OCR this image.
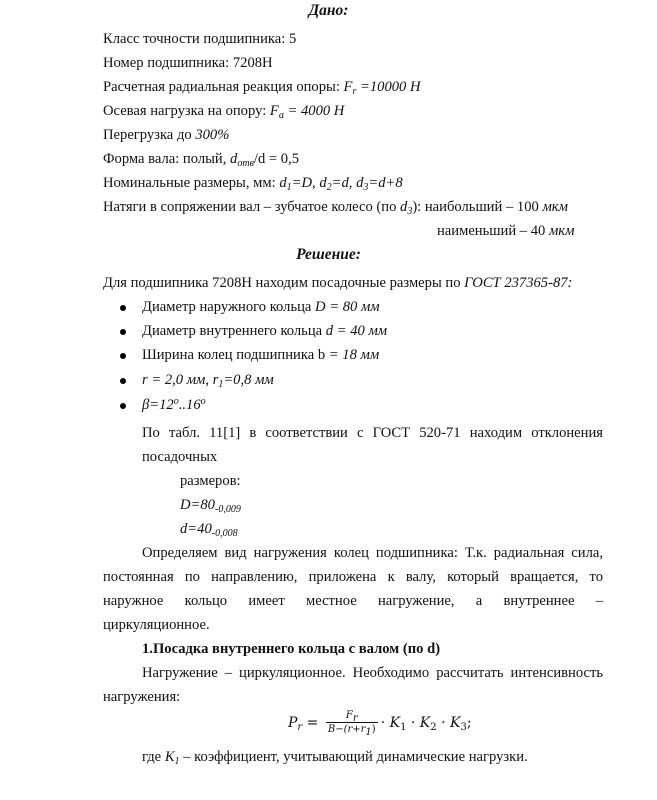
Дано:
Класс точности подшипника: 5
Номер подшипника: 7208Н
Расчетная радиальная реакция опоры: $F_r =10000$ Н
Осевая нагрузка на опору: $F_a = 4000$ Н
Перегрузка до 300%
Форма вала: полый, $d_{отв}/d = 0,5$
Номинальные размеры, мм: $d_1=D$, $d_2=d$, $d_3=d+8$
Натяги в сопряжении вал – зубчатое колесо (по $d_3$): наибольший – 100 мкм
наименьший – 40 мкм
Решение:
Для подшипника 7208Н находим посадочные размеры по ГОСТ 237365-87:
Диаметр наружного кольца D = 80 мм
Диаметр внутреннего кольца d = 40 мм
Ширина колец подшипника b = 18 мм
r = 2,0 мм, $r_1=0,8$ мм
$\beta=12^o..16^o$
По табл. 11[1] в соответствии с ГОСТ 520-71 находим отклонения
посадочных
размеров:
$D=80_{-0,009}$
$d=40_{-0,008}$
Определяем вид нагружения колец подшипника: Т.к. радиальная сила,
постоянная по направлению, приложена к валу, который вращается, то
наружное кольцо имеет местное нагружение, а внутреннее –
циркуляционное.
1.Посадка внутреннего кольца с валом (по d)
Нагружение – циркуляционное. Необходимо рассчитать интенсивность
нагружения:
$P_r = \frac{F_r}{B-(r+r_1)} \cdot K_1 \cdot K_2 \cdot K_3$;
где $K_1$ – коэффициент, учитывающий динамические нагрузки.
